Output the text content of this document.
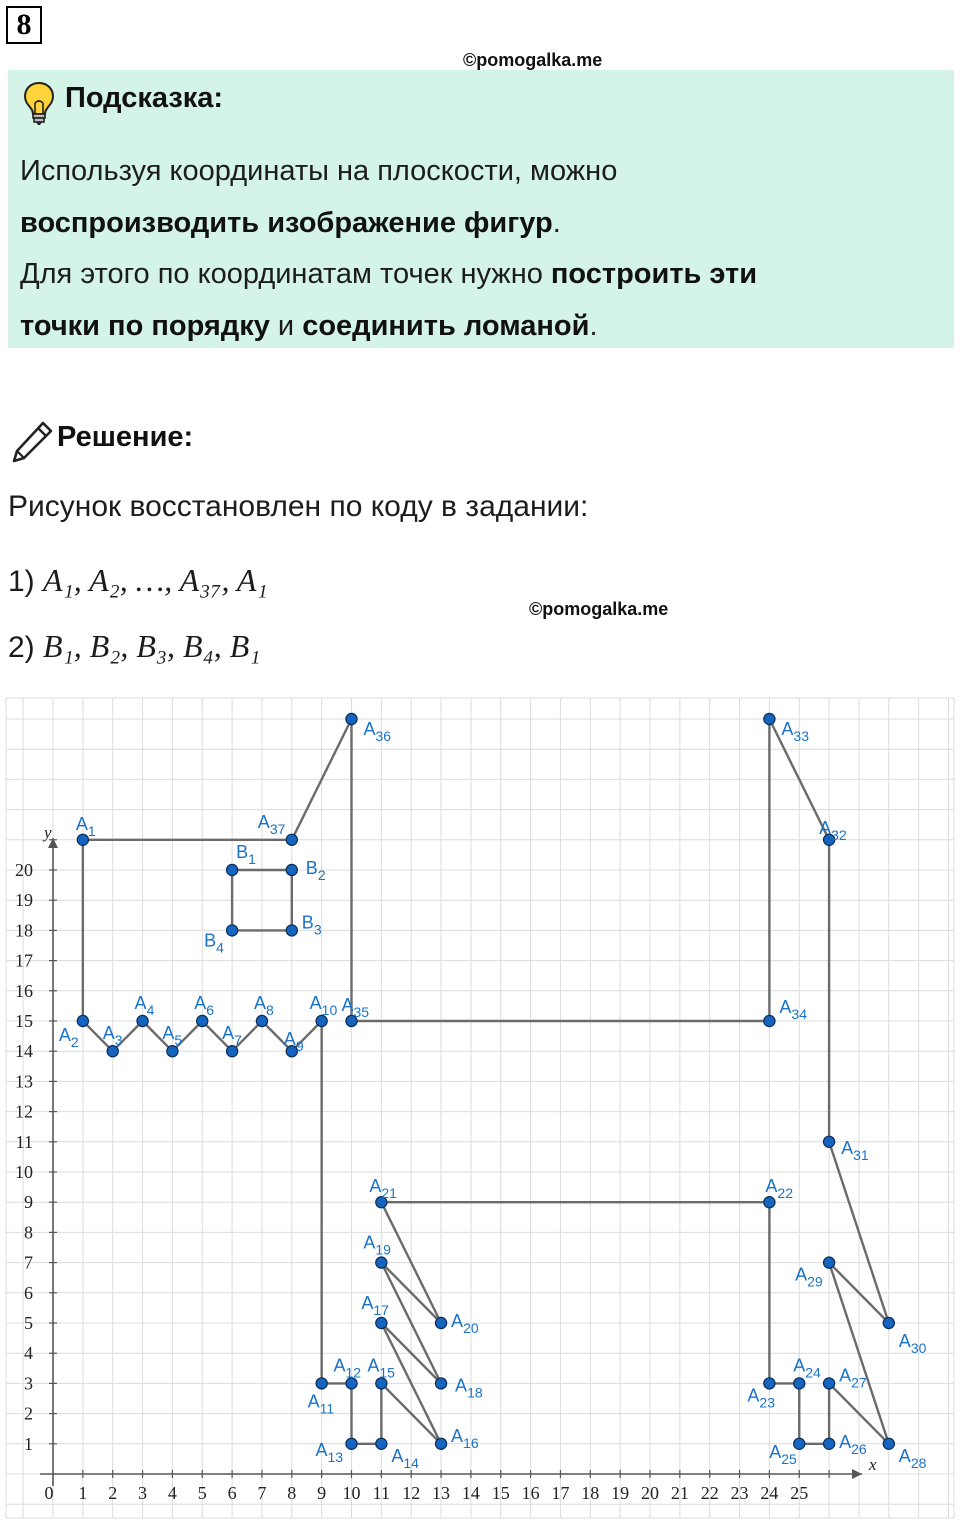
8
©pomogalka.me
Подсказка:
Используя координаты на плоскости, можно
воспроизводить изображение фигур.
Для этого по координатам точек нужно построить эти
точки по порядку и соединить ломаной.
Решение:
Рисунок восстановлен по коду в задании:
1) A₁, A₂, …, A₃₇, A₁
©pomogalka.me
2) B₁, B₂, B₃, B₄, B₁
0 1 2 3 4 5 6 7 8 9 10 11 12 13 14 15 16 17 18 19 20 21 22 23 24 25
1
2
3
4
5
6
7
8
9
10
11
12
13
14
15
16
17
18
19
20
x
y $A_1$
$A_2$ $A_3$
$A_4$
$A_5$
$A_6$
$A_7$
$A_8$
$A_9$
$A_{10}$
$A_{11}$
$A_{12}$
$A_{13}$	$A_{14}$
$A_{15}$
$A_{16}$
$A_{17}$
$A_{18}$
$A_{19}$
$A_{20}$
$A_{21}$	$A_{22}$
$A_{23}$
$A_{24}$
$A_{25}$
$A_{26}$
$A_{27}$
$A_{28}$
$A_{29}$
$A_{30}$
$A_{31}$
$A_{32}$
$A_{33}$
$A_{34}$
$A_{35}$
$A_{36}$
$A_{37}$
$B_1$	$B_2$
$B_3$
$B_4$
